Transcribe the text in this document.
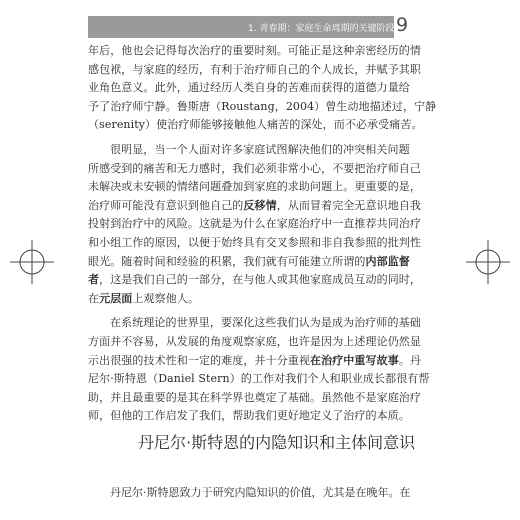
1. 青春期：家庭生命周期的关键阶段 9
年后，他也会记得每次治疗的重要时刻。可能正是这种亲密经历的情
感包袱，与家庭的经历，有利于治疗师自己的个人成长，并赋予其职
业角色意义。此外，通过经历人类自身的苦难而获得的道德力量给
予了治疗师宁静。鲁斯唐（Roustang，2004）曾生动地描述过，宁静
（serenity）使治疗师能够接触他人痛苦的深处，而不必承受痛苦。
很明显，当一个人面对许多家庭试图解决他们的冲突相关问题
所感受到的痛苦和无力感时，我们必须非常小心，不要把治疗师自己
未解决或未安顿的情绪问题叠加到家庭的求助问题上。更重要的是，
治疗师可能没有意识到他自己的反移情，从而冒着完全无意识地自我
投射到治疗中的风险。这就是为什么在家庭治疗中一直推荐共同治疗
和小组工作的原因，以便于始终具有交叉参照和非自我参照的批判性
眼光。随着时间和经验的积累，我们就有可能建立所谓的内部监督
者，这是我们自己的一部分，在与他人或其他家庭成员互动的同时，
在元层面上观察他人。
在系统理论的世界里，要深化这些我们认为是成为治疗师的基础
方面并不容易，从发展的角度观察家庭，也许是因为上述理论仍然显
示出很强的技术性和一定的难度，并十分重视在治疗中重写故事。丹
尼尔·斯特恩（Daniel Stern）的工作对我们个人和职业成长都很有帮
助，并且最重要的是其在科学界也奠定了基础。虽然他不是家庭治疗
师，但他的工作启发了我们，帮助我们更好地定义了治疗的本质。
丹尼尔·斯特恩的内隐知识和主体间意识
丹尼尔·斯特恩致力于研究内隐知识的价值，尤其是在晚年。在
